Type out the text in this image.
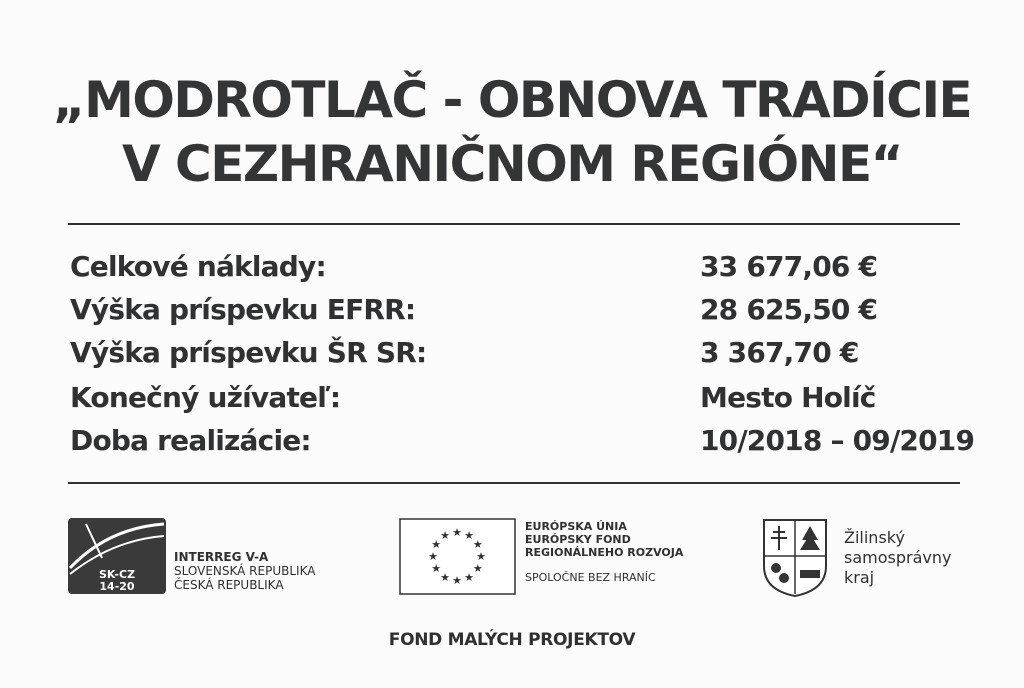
„MODROTLAČ - OBNOVA TRADÍCIE
V CEZHRANIČNOM REGIÓNE“
Celkové náklady:	33 677,06 €
Výška príspevku EFRR:	28 625,50 €
Výška príspevku ŠR SR:	3 367,70 €
Konečný užívateľ:	Mesto Holíč
Doba realizácie:	10/2018 – 09/2019
SK-CZ
14-20
INTERREG V-A
SLOVENSKÁ REPUBLIKA
ČESKÁ REPUBLIKA
★ ★
★
★
★
★
★
★
★
★
★
★
EURÓPSKA ÚNIA
EURÓPSKY FOND
REGIONÁLNEHO ROZVOJA
SPOLOČNE BEZ HRANÍC
Žilinský
samosprávny
kraj
FOND MALÝCH PROJEKTOV
